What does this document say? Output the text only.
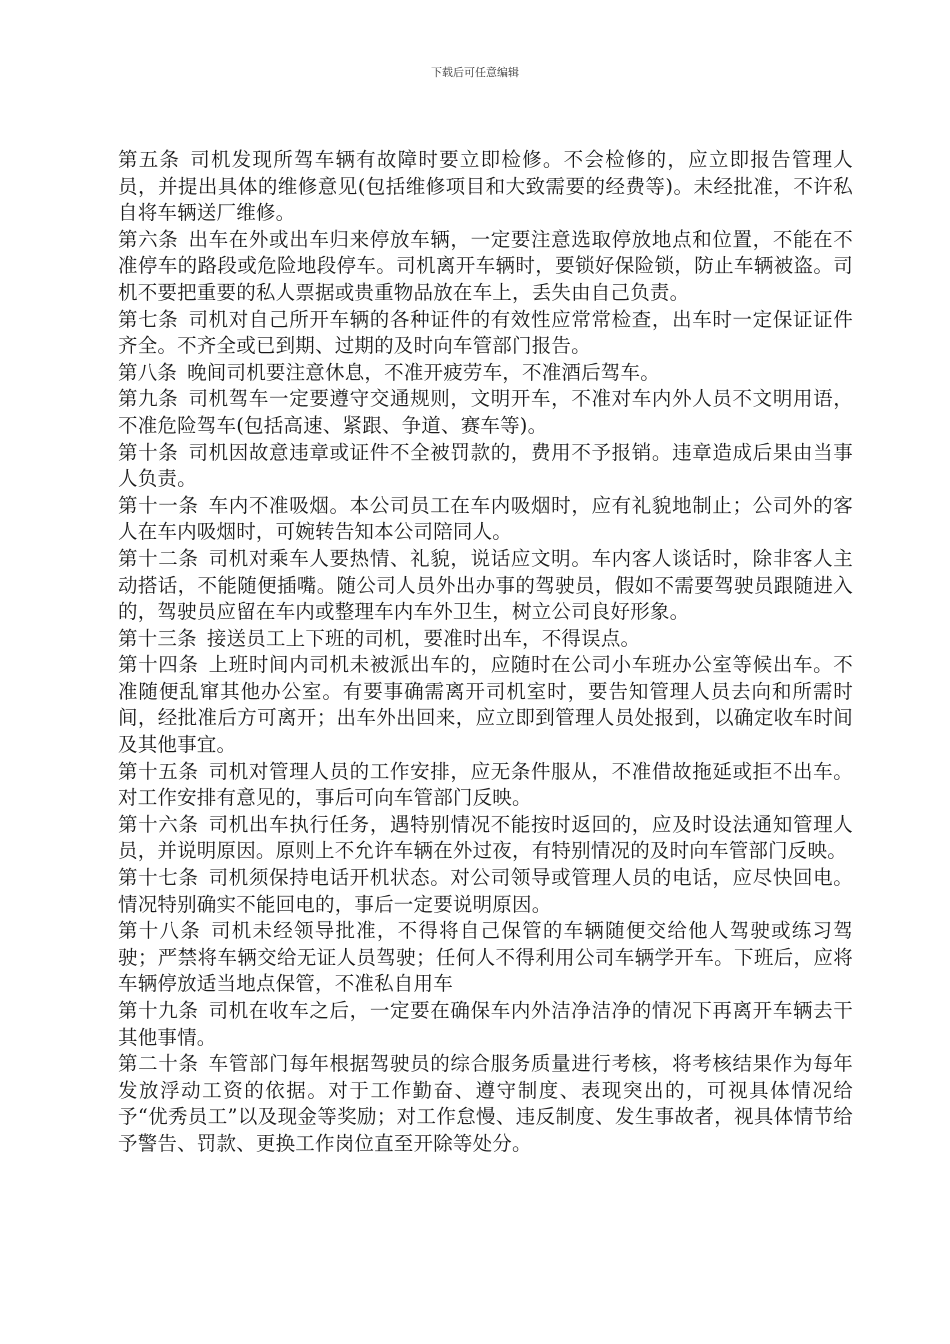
下载后可任意编辑

第五条 司机发现所驾车辆有故障时要立即检修。不会检修的，应立即报告管理人员，并提出具体的维修意见(包括维修项目和大致需要的经费等)。未经批准，不许私自将车辆送厂维修。

第六条 出车在外或出车归来停放车辆，一定要注意选取停放地点和位置，不能在不准停车的路段或危险地段停车。司机离开车辆时，要锁好保险锁，防止车辆被盗。司机不要把重要的私人票据或贵重物品放在车上，丢失由自己负责。

第七条 司机对自己所开车辆的各种证件的有效性应常常检查，出车时一定保证证件齐全。不齐全或已到期、过期的及时向车管部门报告。

第八条 晚间司机要注意休息，不准开疲劳车，不准酒后驾车。

第九条 司机驾车一定要遵守交通规则，文明开车，不准对车内外人员不文明用语，不准危险驾车(包括高速、紧跟、争道、赛车等)。

第十条 司机因故意违章或证件不全被罚款的，费用不予报销。违章造成后果由当事人负责。

第十一条 车内不准吸烟。本公司员工在车内吸烟时，应有礼貌地制止；公司外的客人在车内吸烟时，可婉转告知本公司陪同人。

第十二条 司机对乘车人要热情、礼貌，说话应文明。车内客人谈话时，除非客人主动搭话，不能随便插嘴。随公司人员外出办事的驾驶员，假如不需要驾驶员跟随进入的，驾驶员应留在车内或整理车内车外卫生，树立公司良好形象。

第十三条 接送员工上下班的司机，要准时出车，不得误点。

第十四条 上班时间内司机未被派出车的，应随时在公司小车班办公室等候出车。不准随便乱窜其他办公室。有要事确需离开司机室时，要告知管理人员去向和所需时间，经批准后方可离开；出车外出回来，应立即到管理人员处报到，以确定收车时间及其他事宜。

第十五条 司机对管理人员的工作安排，应无条件服从，不准借故拖延或拒不出车。对工作安排有意见的，事后可向车管部门反映。

第十六条 司机出车执行任务，遇特别情况不能按时返回的，应及时设法通知管理人员，并说明原因。原则上不允许车辆在外过夜，有特别情况的及时向车管部门反映。

第十七条 司机须保持电话开机状态。对公司领导或管理人员的电话，应尽快回电。情况特别确实不能回电的，事后一定要说明原因。

第十八条 司机未经领导批准，不得将自己保管的车辆随便交给他人驾驶或练习驾驶；严禁将车辆交给无证人员驾驶；任何人不得利用公司车辆学开车。下班后，应将车辆停放适当地点保管，不准私自用车

第十九条 司机在收车之后，一定要在确保车内外洁净洁净的情况下再离开车辆去干其他事情。

第二十条 车管部门每年根据驾驶员的综合服务质量进行考核，将考核结果作为每年发放浮动工资的依据。对于工作勤奋、遵守制度、表现突出的，可视具体情况给予“优秀员工”以及现金等奖励；对工作怠慢、违反制度、发生事故者，视具体情节给予警告、罚款、更换工作岗位直至开除等处分。
